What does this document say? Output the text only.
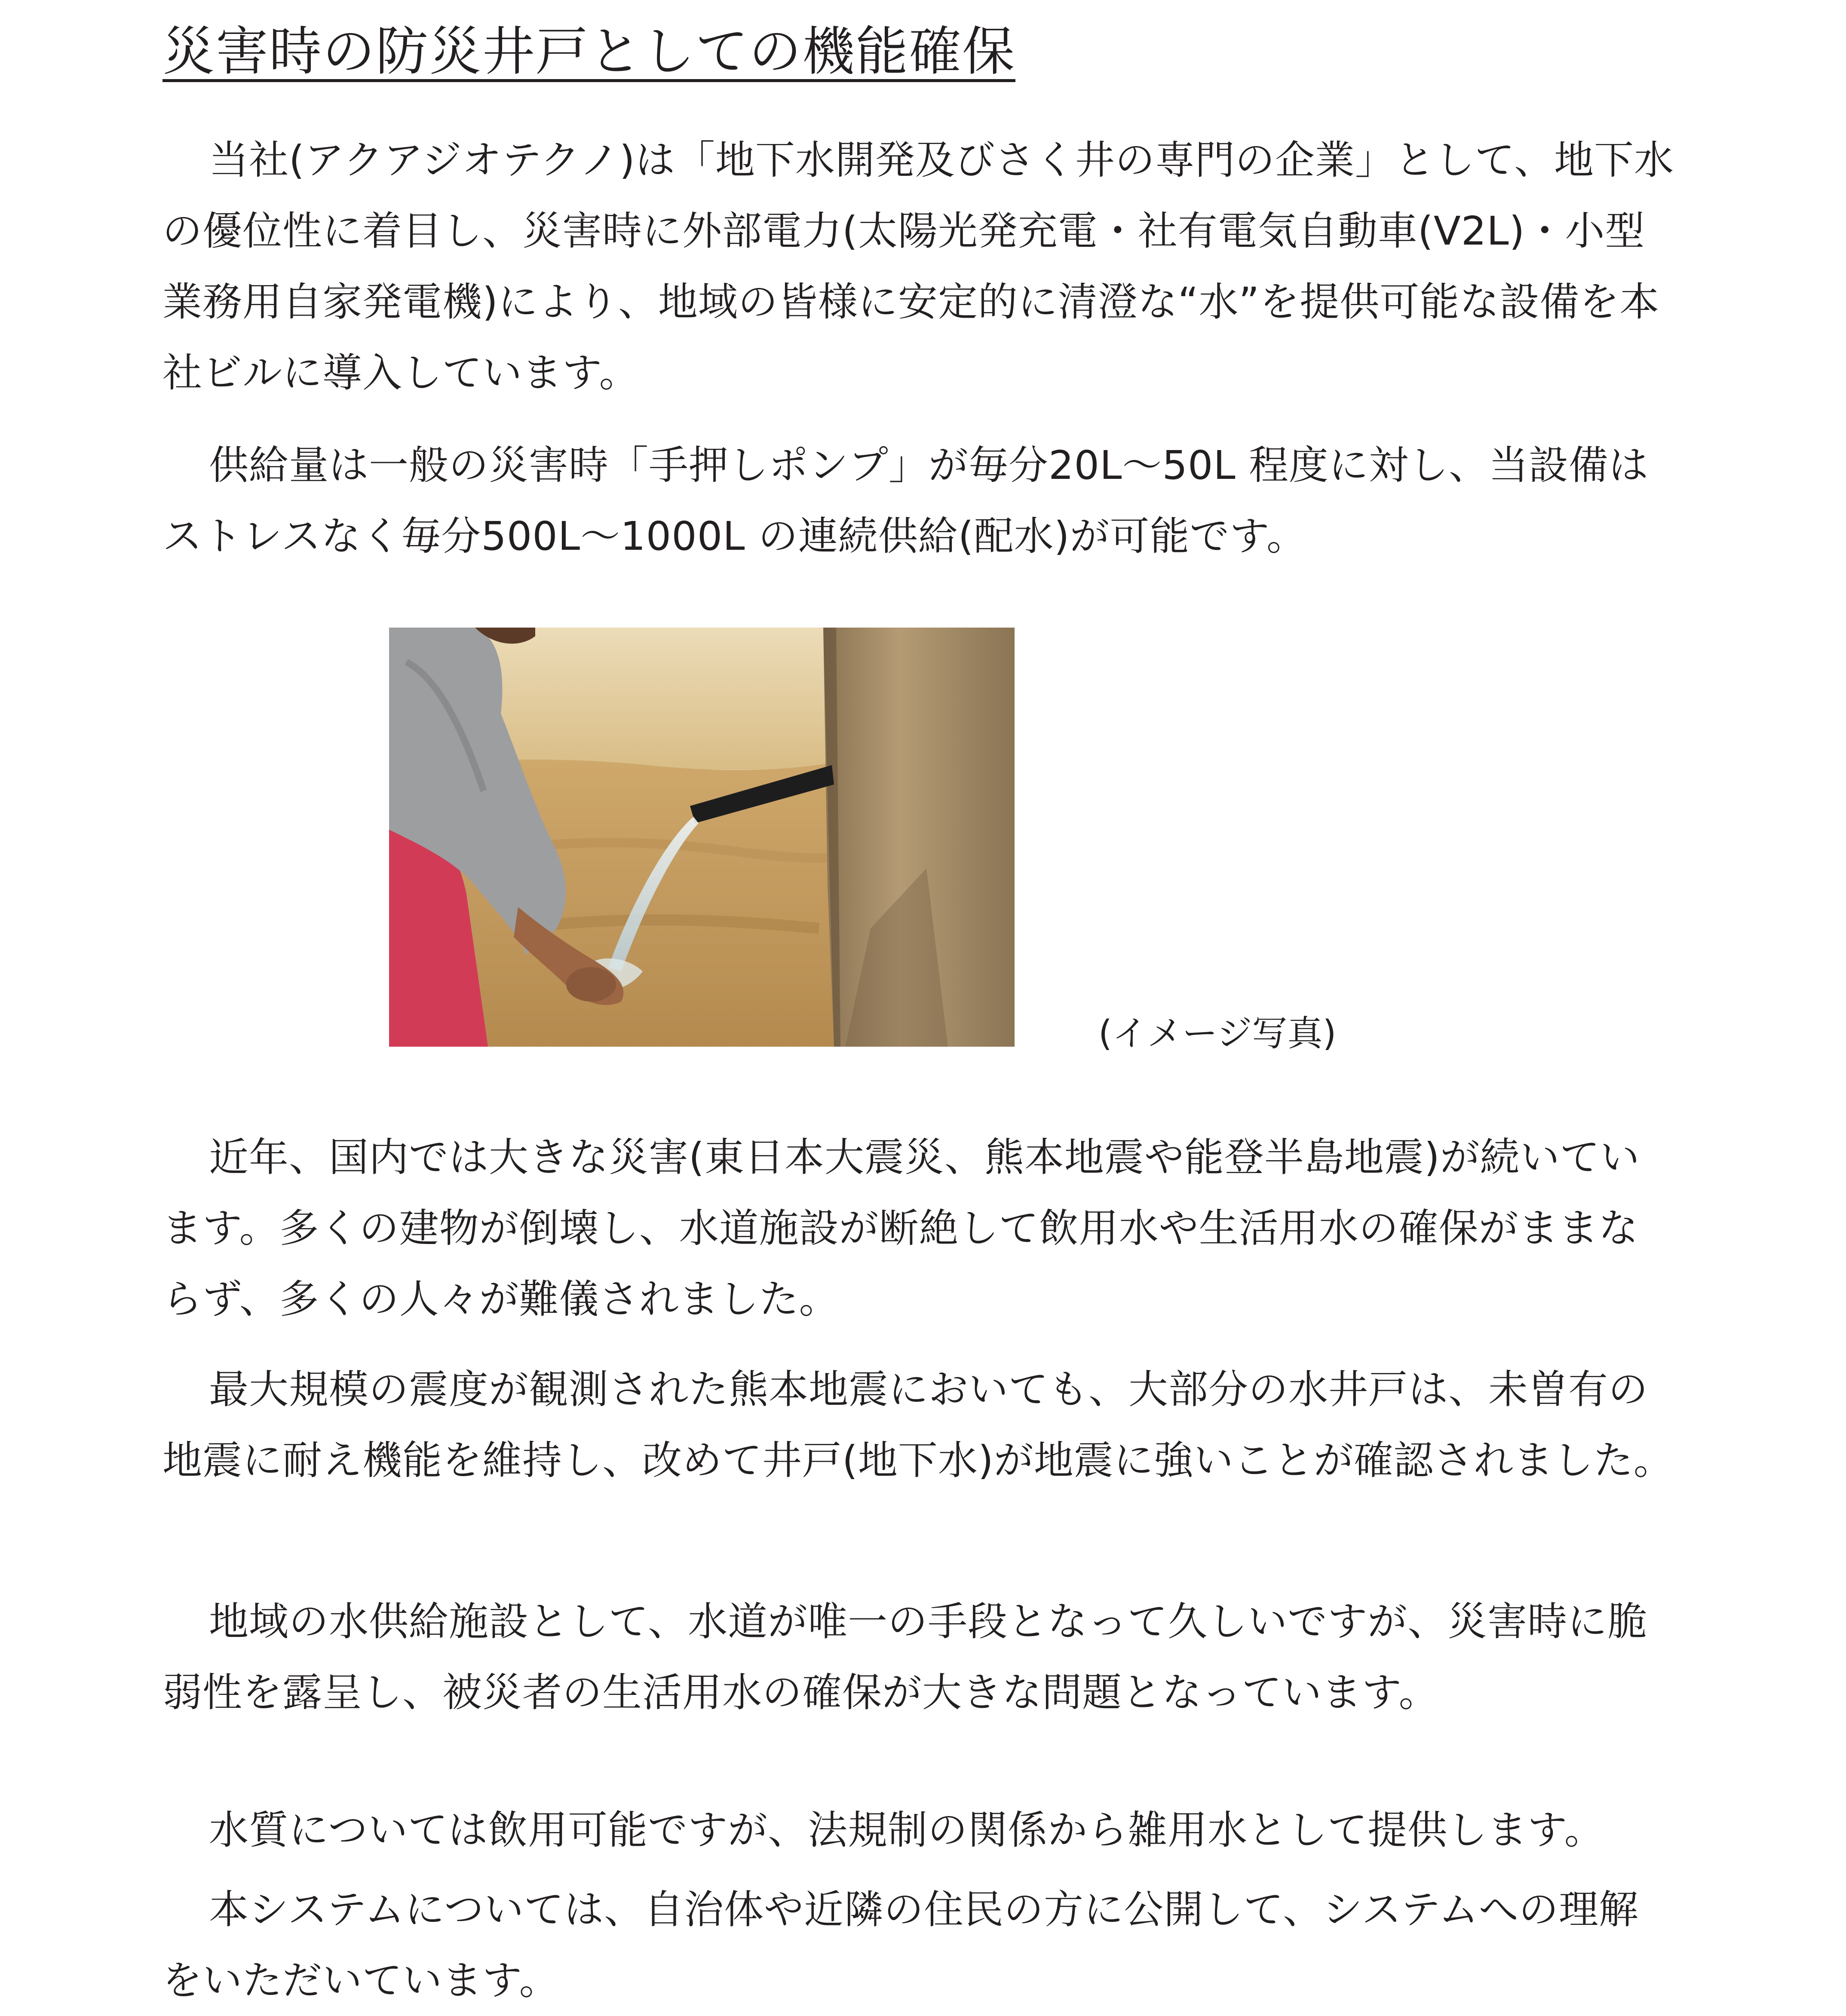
災害時の防災井戸としての機能確保

当社(アクアジオテクノ)は「地下水開発及びさく井の専門の企業」として、地下水の優位性に着目し、災害時に外部電力(太陽光発充電・社有電気自動車(V2L)・小型業務用自家発電機)により、地域の皆様に安定的に清澄な“水”を提供可能な設備を本社ビルに導入しています。

供給量は一般の災害時「手押しポンプ」が毎分20L〜50L 程度に対し、当設備はストレスなく毎分500L〜1000L の連続供給(配水)が可能です。

(イメージ写真)

近年、国内では大きな災害(東日本大震災、熊本地震や能登半島地震)が続いています。多くの建物が倒壊し、水道施設が断絶して飲用水や生活用水の確保がままならず、多くの人々が難儀されました。

最大規模の震度が観測された熊本地震においても、大部分の水井戸は、未曽有の地震に耐え機能を維持し、改めて井戸(地下水)が地震に強いことが確認されました。

地域の水供給施設として、水道が唯一の手段となって久しいですが、災害時に脆弱性を露呈し、被災者の生活用水の確保が大きな問題となっています。

水質については飲用可能ですが、法規制の関係から雑用水として提供します。

本システムについては、自治体や近隣の住民の方に公開して、システムへの理解をいただいています。
